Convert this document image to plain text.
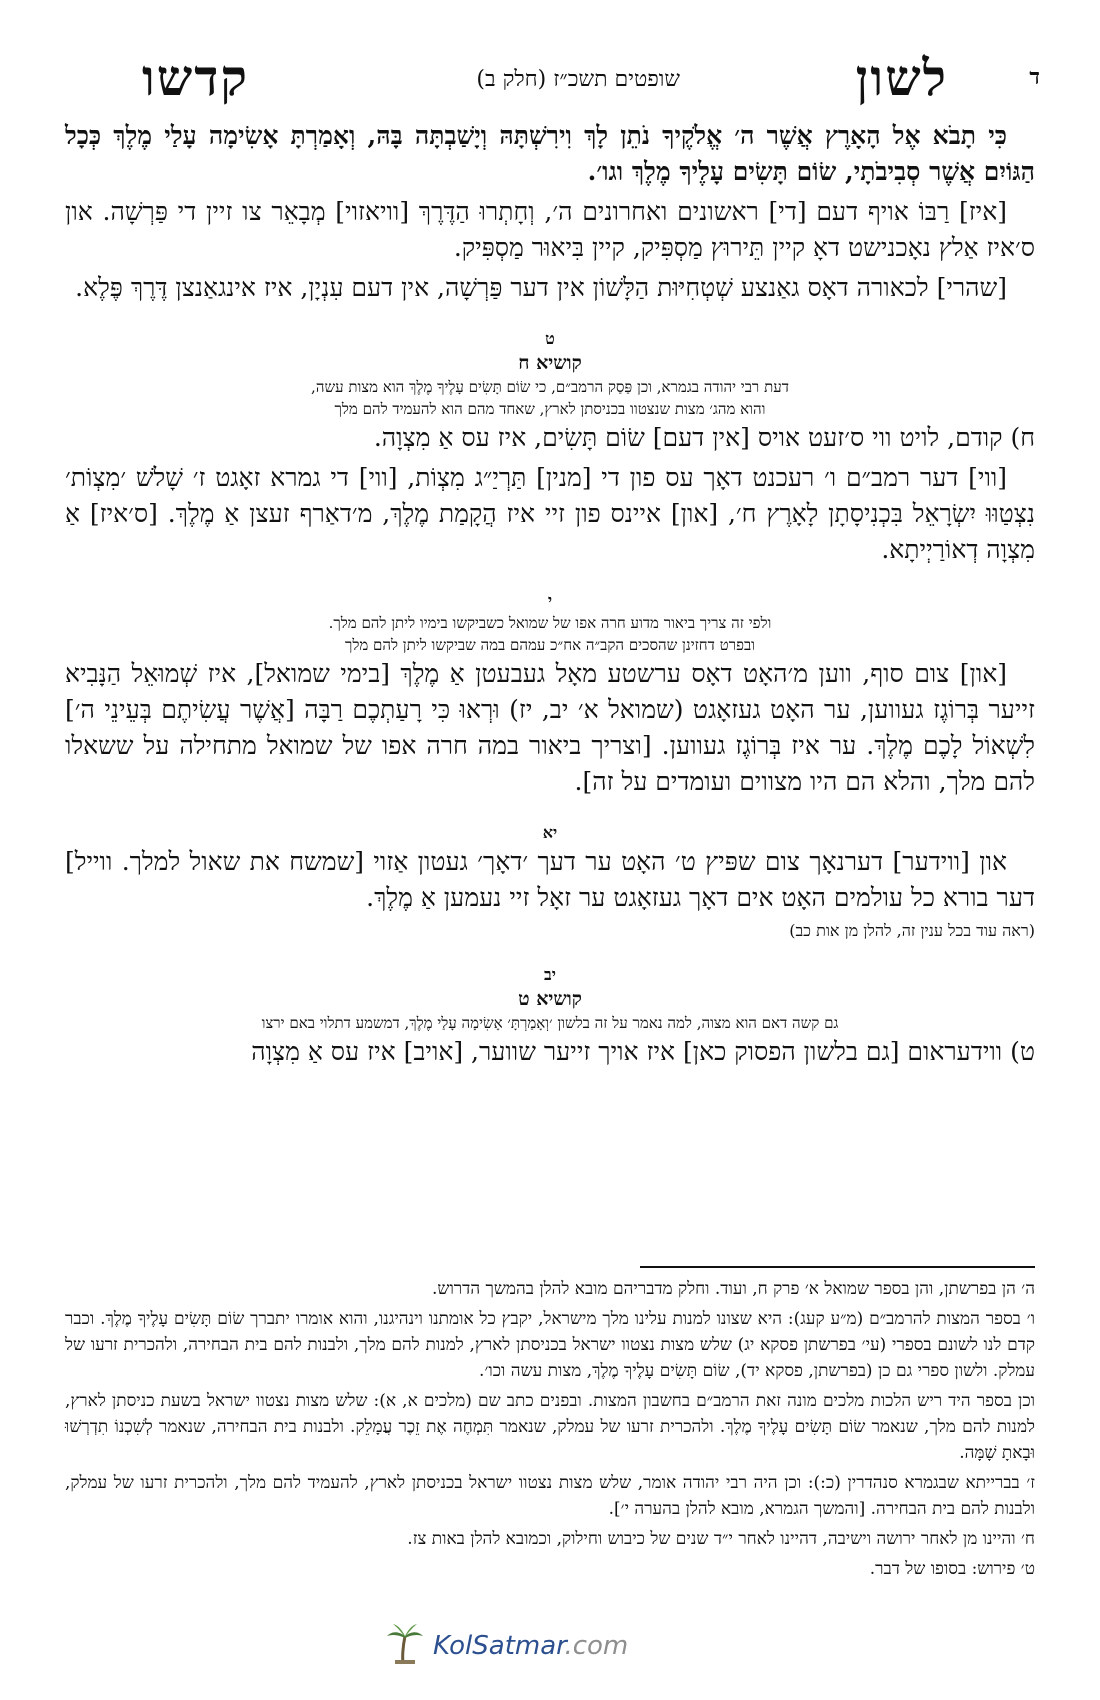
ד
לשון
שופטים תשכ״ז (חלק ב)
קדשו

כִּי תָבֹא אֶל הָאָרֶץ אֲשֶׁר ה׳ אֱלֹקֶיךָ נֹתֵן לָךְ וִירִשְׁתָּהּ וְיָשַׁבְתָּה בָּהּ, וְאָמַרְתָּ אָשִׂימָה עָלַי מֶלֶךְ כְּכָל הַגּוֹיִם אֲשֶׁר סְבִיבֹתָי, שׂוֹם תָּשִׂים עָלֶיךָ מֶלֶךְ וגו׳.

[איז] רַבּוֹ אויף דעם [די] ראשונים ואחרונים ה׳, וְחָתְרוּ הַדֶּרֶךְ [וויאזוי] מְבָאֵר צו זיין די פַּרְשָׁה. און ס׳איז אַלץ נאָכנישט דאָ קיין תֵּירוּץ מַסְפִּיק, קיין בִּיאוּר מַסְפִּיק.

[שהרי] לכאורה דאָס גאַנצע שְׁטְחִיּוּת הַלָּשׁוֹן אין דער פַּרְשָׁה, אין דעם עִנְיָן, איז אינגאַנצן דֶּרֶךְ פֶּלֶא.

ט
קושיא ח
דעת רבי יהודה בגמרא, וכן פַּסַק הרמב״ם, כי שׂוֹם תָּשִׂים עָלֶיךָ מֶלֶךְ הוא מצות עשה,
והוא מהג׳ מצות שנצטוו בכניסתן לארץ, שאחד מהם הוא להעמיד להם מלך

ח) קודם, לויט ווי ס׳זעט אויס [אין דעם] שׂוֹם תָּשִׂים, איז עס אַ מִצְוָה.

[ווי] דער רמב״ם ו׳ רעכנט דאָך עס פון די [מנין] תַּרְיַ״ג מִצְוֹת, [ווי] די גמרא זאָגט ז׳ שָׁלֹשׁ ׳מִצְוֹת׳ נִצְטַוּוּ יִשְׂרָאֵל בִּכְנִיסָתָן לָאָרֶץ ח׳, [און] איינס פון זיי איז הֲקָמַת מֶלֶךְ, מ׳דאַרף זעצן אַ מֶלֶךְ. [ס׳איז] אַ מִצְוָה דְאוֹרַיְיתָא.

י
ולפי זה צריך ביאור מדוע חרה אפו של שמואל כשביקשו בימיו ליתן להם מלך.
ובפרט דחזינן שהסכים הקב״ה אח״כ עמהם במה שביקשו ליתן להם מלך

[און] צום סוף, ווען מ׳האָט דאָס ערשטע מאָל געבעטן אַ מֶלֶךְ [בימי שמואל], איז שְׁמוּאֵל הַנָּבִיא זייער בְּרוֹגֶז געווען, ער האָט געזאָגט (שמואל א׳ יב, יז) וּרְאוּ כִּי רָעַתְכֶם רַבָּה [אֲשֶׁר עֲשִׂיתֶם בְּעֵינֵי ה׳] לִשְׁאוֹל לָכֶם מֶלֶךְ. ער איז בְּרוֹגֶז געווען. [וצריך ביאור במה חרה אפו של שמואל מתחילה על ששאלו להם מלך, והלא הם היו מצווים ועומדים על זה].

יא

און [ווידער] דערנאָך צום שפּיץ ט׳ האָט ער דעך ׳דאָך׳ געטון אַזוי [שמשח את שאול למלך. ווייל] דער בורא כל עולמים האָט אים דאָך געזאָגט ער זאָל זיי נעמען אַ מֶלֶךְ.

(ראה עוד בכל ענין זה, להלן מן אות כב)

יב
קושיא ט
גם קשה דאם הוא מצוה, למה נאמר על זה בלשון ׳וְאָמַרְתָּ׳ אָשִׂימָה עָלַי מֶלֶךְ, דמשמע דתלוי באם ירצו

ט) ווידעראום [גם בלשון הפסוק כאן] איז אויך זייער שווער, [אויב] איז עס אַ מִצְוָה

ה׳ הן בפרשתן, והן בספר שמואל א׳ פרק ח, ועוד. וחלק מדבריהם מובא להלן בהמשך הדרוש.

ו׳ בספר המצות להרמב״ם (מ״ע קעג): היא שצונו למנות עלינו מלך מישראל, יקבץ כל אומתנו וינהיגנו, והוא אומרו יתברך שׂוֹם תָּשִׂים עָלֶיךָ מֶלֶךְ. וכבר קדם לנו לשונם בספרי (עי׳ בפרשתן פסקא יג) שלש מצות נצטוו ישראל בכניסתן לארץ, למנות להם מלך, ולבנות להם בית הבחירה, ולהכרית זרעו של עמלק. ולשון ספרי גם כן (בפרשתן, פסקא יד), שׂוֹם תָּשִׂים עָלֶיךָ מֶלֶךְ, מצות עשה וכו׳.

וכן בספר היד ריש הלכות מלכים מונה זאת הרמב״ם בחשבון המצות. ובפנים כתב שם (מלכים א, א): שלש מצות נצטוו ישראל בשעת כניסתן לארץ, למנות להם מלך, שנאמר שׂוֹם תָּשִׂים עָלֶיךָ מֶלֶךְ. ולהכרית זרעו של עמלק, שנאמר תִּמְחֶה אֶת זֵכֶר עֲמָלֵק. ולבנות בית הבחירה, שנאמר לְשִׁכְנוֹ תִדְרְשׁוּ וּבָאתָ שָׁמָּה.

ז׳ בברייתא שבגמרא סנהדרין (כ:): וכן היה רבי יהודה אומר, שלש מצות נצטוו ישראל בכניסתן לארץ, להעמיד להם מלך, ולהכרית זרעו של עמלק, ולבנות להם בית הבחירה. [והמשך הגמרא, מובא להלן בהערה י׳].

ח׳ והיינו מן לאחר ירושה וישיבה, דהיינו לאחר י״ד שנים של כיבוש וחילוק, וכמובא להלן באות צז.

ט׳ פירוש: בסופו של דבר.

KolSatmar.com
